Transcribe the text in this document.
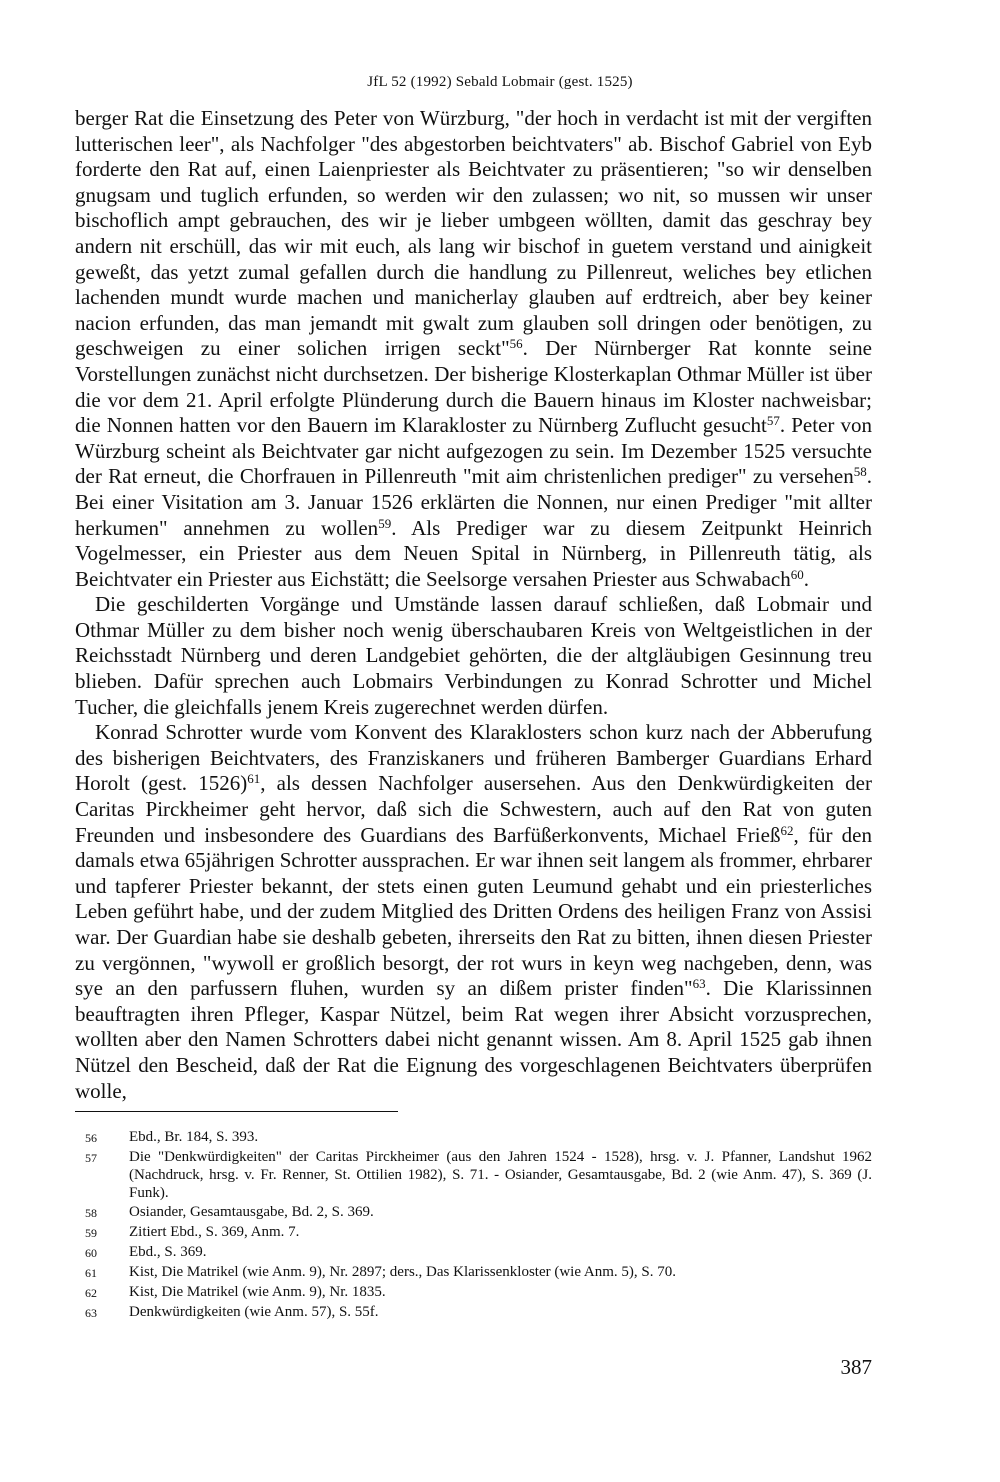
JfL 52 (1992) Sebald Lobmair (gest. 1525)

berger Rat die Einsetzung des Peter von Würzburg, "der hoch in verdacht ist mit der vergiften lutterischen leer", als Nachfolger "des abgestorben beichtvaters" ab. Bischof Gabriel von Eyb forderte den Rat auf, einen Laienpriester als Beichtvater zu präsentieren; "so wir denselben gnugsam und tuglich erfunden, so werden wir den zulassen; wo nit, so mussen wir unser bischoflich ampt gebrauchen, des wir je lieber umbgeen wöllten, damit das geschray bey andern nit erschüll, das wir mit euch, als lang wir bischof in guetem verstand und ainigkeit geweßt, das yetzt zumal gefallen durch die handlung zu Pillenreut, weliches bey etlichen lachenden mundt wurde machen und manicherlay glauben auf erdtreich, aber bey keiner nacion erfunden, das man jemandt mit gwalt zum glauben soll dringen oder benötigen, zu geschweigen zu einer solichen irrigen seckt"$^{56}$. Der Nürnberger Rat konnte seine Vorstellungen zunächst nicht durchsetzen. Der bisherige Klosterkaplan Othmar Müller ist über die vor dem 21. April erfolgte Plünderung durch die Bauern hinaus im Kloster nachweisbar; die Nonnen hatten vor den Bauern im Klarakloster zu Nürnberg Zuflucht gesucht$^{57}$. Peter von Würzburg scheint als Beichtvater gar nicht aufgezogen zu sein. Im Dezember 1525 versuchte der Rat erneut, die Chorfrauen in Pillenreuth "mit aim christenlichen prediger" zu versehen$^{58}$. Bei einer Visitation am 3. Januar 1526 erklärten die Nonnen, nur einen Prediger "mit allter herkumen" annehmen zu wollen$^{59}$. Als Prediger war zu diesem Zeitpunkt Heinrich Vogelmesser, ein Priester aus dem Neuen Spital in Nürnberg, in Pillenreuth tätig, als Beichtvater ein Priester aus Eichstätt; die Seelsorge versahen Priester aus Schwabach$^{60}$.

Die geschilderten Vorgänge und Umstände lassen darauf schließen, daß Lobmair und Othmar Müller zu dem bisher noch wenig überschaubaren Kreis von Weltgeistlichen in der Reichsstadt Nürnberg und deren Landgebiet gehörten, die der altgläubigen Gesinnung treu blieben. Dafür sprechen auch Lobmairs Verbindungen zu Konrad Schrotter und Michel Tucher, die gleichfalls jenem Kreis zugerechnet werden dürfen.

Konrad Schrotter wurde vom Konvent des Klaraklosters schon kurz nach der Abberufung des bisherigen Beichtvaters, des Franziskaners und früheren Bamberger Guardians Erhard Horolt (gest. 1526)$^{61}$, als dessen Nachfolger ausersehen. Aus den Denkwürdigkeiten der Caritas Pirckheimer geht hervor, daß sich die Schwestern, auch auf den Rat von guten Freunden und insbesondere des Guardians des Barfüßerkonvents, Michael Frieß$^{62}$, für den damals etwa 65jährigen Schrotter aussprachen. Er war ihnen seit langem als frommer, ehrbarer und tapferer Priester bekannt, der stets einen guten Leumund gehabt und ein priesterliches Leben geführt habe, und der zudem Mitglied des Dritten Ordens des heiligen Franz von Assisi war. Der Guardian habe sie deshalb gebeten, ihrerseits den Rat zu bitten, ihnen diesen Priester zu vergönnen, "wywoll er großlich besorgt, der rot wurs in keyn weg nachgeben, denn, was sye an den parfussern fluhen, wurden sy an dißem prister finden"$^{63}$. Die Klarissinnen beauftragten ihren Pfleger, Kaspar Nützel, beim Rat wegen ihrer Absicht vorzusprechen, wollten aber den Namen Schrotters dabei nicht genannt wissen. Am 8. April 1525 gab ihnen Nützel den Bescheid, daß der Rat die Eignung des vorgeschlagenen Beichtvaters überprüfen wolle,

56	Ebd., Br. 184, S. 393.
57	Die "Denkwürdigkeiten" der Caritas Pirckheimer (aus den Jahren 1524 - 1528), hrsg. v. J. Pfanner, Landshut 1962 (Nachdruck, hrsg. v. Fr. Renner, St. Ottilien 1982), S. 71. - Osiander, Gesamtausgabe, Bd. 2 (wie Anm. 47), S. 369 (J. Funk).
58	Osiander, Gesamtausgabe, Bd. 2, S. 369.
59	Zitiert Ebd., S. 369, Anm. 7.
60	Ebd., S. 369.
61	Kist, Die Matrikel (wie Anm. 9), Nr. 2897; ders., Das Klarissenkloster (wie Anm. 5), S. 70.
62	Kist, Die Matrikel (wie Anm. 9), Nr. 1835.
63	Denkwürdigkeiten (wie Anm. 57), S. 55f.
387
